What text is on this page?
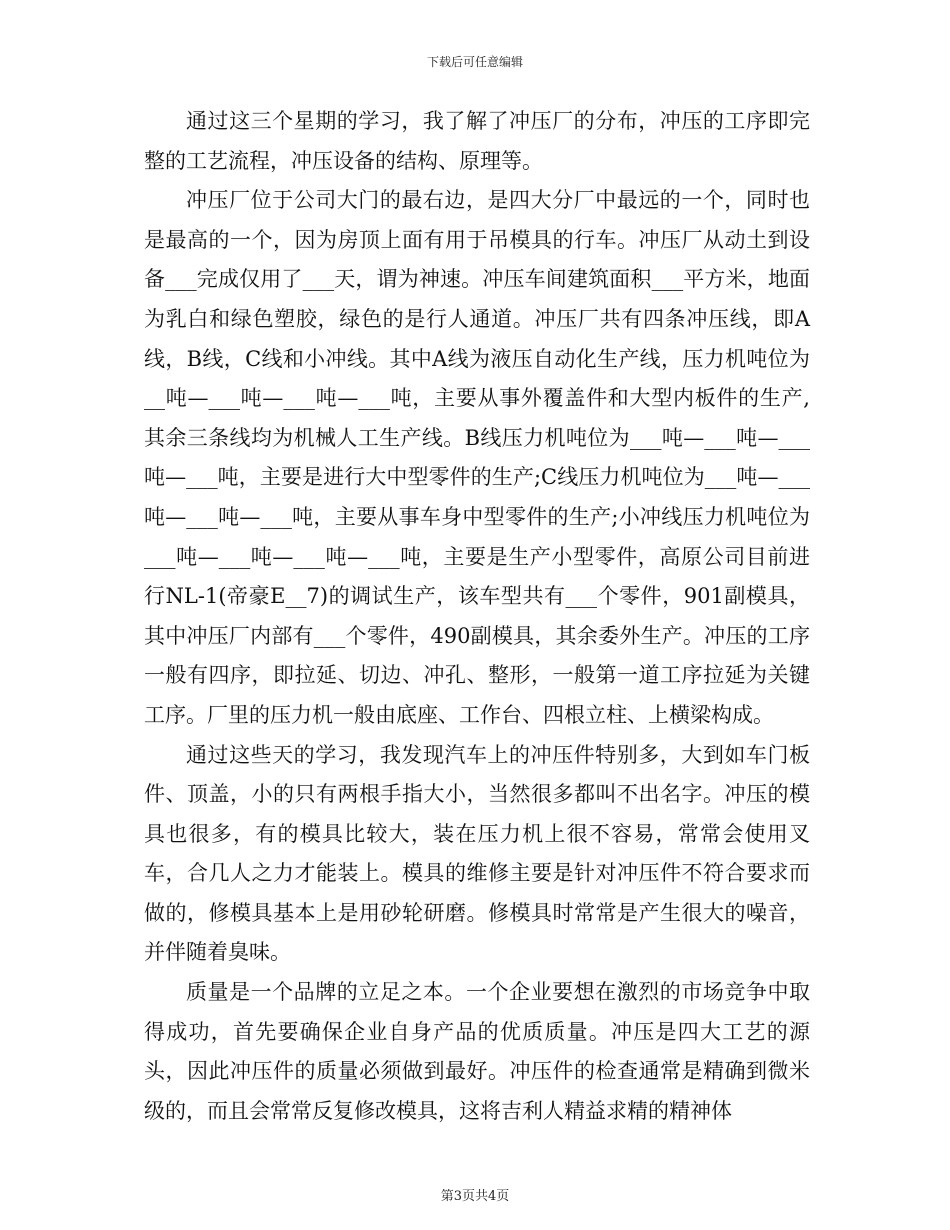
下载后可任意编辑

通过这三个星期的学习，我了解了冲压厂的分布，冲压的工序即完整的工艺流程，冲压设备的结构、原理等。

冲压厂位于公司大门的最右边，是四大分厂中最远的一个，同时也是最高的一个，因为房顶上面有用于吊模具的行车。冲压厂从动土到设备___完成仅用了___天，谓为神速。冲压车间建筑面积___平方米，地面为乳白和绿色塑胶，绿色的是行人通道。冲压厂共有四条冲压线，即A线，B线，C线和小冲线。其中A线为液压自动化生产线，压力机吨位为__吨—___吨—___吨—___吨，主要从事外覆盖件和大型内板件的生产,其余三条线均为机械人工生产线。B线压力机吨位为___吨—___吨—___吨—___吨，主要是进行大中型零件的生产;C线压力机吨位为___吨—___吨—___吨—___吨，主要从事车身中型零件的生产;小冲线压力机吨位为___吨—___吨—___吨—___吨，主要是生产小型零件，高原公司目前进行NL-1(帝豪E__7)的调试生产，该车型共有___个零件，901副模具，其中冲压厂内部有___个零件，490副模具，其余委外生产。冲压的工序一般有四序，即拉延、切边、冲孔、整形，一般第一道工序拉延为关键工序。厂里的压力机一般由底座、工作台、四根立柱、上横梁构成。

通过这些天的学习，我发现汽车上的冲压件特别多，大到如车门板件、顶盖，小的只有两根手指大小，当然很多都叫不出名字。冲压的模具也很多，有的模具比较大，装在压力机上很不容易，常常会使用叉车，合几人之力才能装上。模具的维修主要是针对冲压件不符合要求而做的，修模具基本上是用砂轮研磨。修模具时常常是产生很大的噪音，并伴随着臭味。

质量是一个品牌的立足之本。一个企业要想在激烈的市场竞争中取得成功，首先要确保企业自身产品的优质质量。冲压是四大工艺的源头，因此冲压件的质量必须做到最好。冲压件的检查通常是精确到微米级的，而且会常常反复修改模具，这将吉利人精益求精的精神体

第3页共4页
